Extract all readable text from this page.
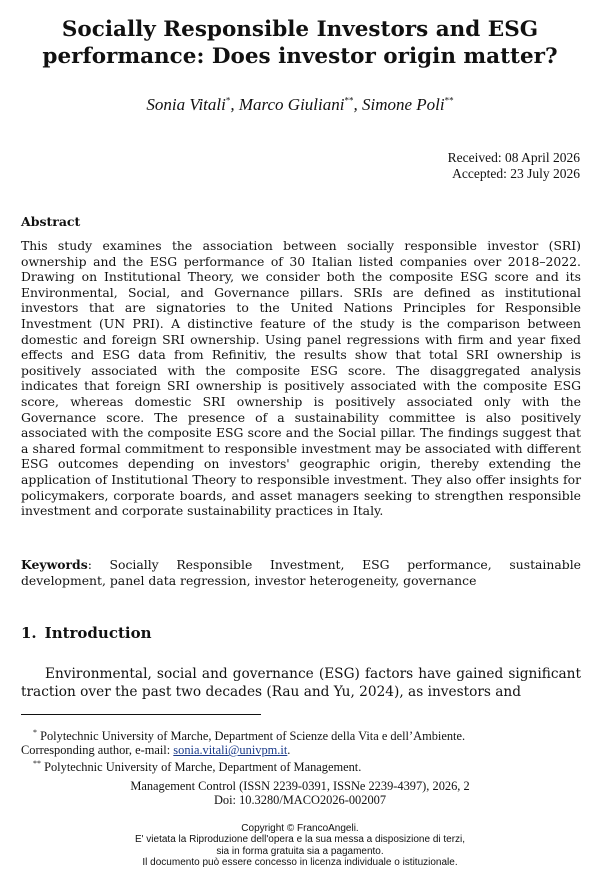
Socially Responsible Investors and ESG performance: Does investor origin matter?
Sonia Vitali*, Marco Giuliani**, Simone Poli**
Received: 08 April 2026
Accepted: 23 July 2026
Abstract

This study examines the association between socially responsible investor (SRI) ownership and the ESG performance of 30 Italian listed companies over 2018–2022. Drawing on Institutional Theory, we consider both the composite ESG score and its Environmental, Social, and Governance pillars. SRIs are defined as institutional investors that are signatories to the United Nations Principles for Responsible Investment (UN PRI). A distinctive feature of the study is the comparison between domestic and foreign SRI ownership. Using panel regressions with firm and year fixed effects and ESG data from Refinitiv, the results show that total SRI ownership is positively associated with the composite ESG score. The disaggregated analysis indicates that foreign SRI ownership is positively associated with the composite ESG score, whereas domestic SRI ownership is positively associated only with the Governance score. The presence of a sustainability committee is also positively associated with the composite ESG score and the Social pillar. The findings suggest that a shared formal commitment to responsible investment may be associated with different ESG outcomes depending on investors' geographic origin, thereby extending the application of Institutional Theory to responsible investment. They also offer insights for policymakers, corporate boards, and asset managers seeking to strengthen responsible investment and corporate sustainability practices in Italy.

Keywords: Socially Responsible Investment, ESG performance, sustainable development, panel data regression, investor heterogeneity, governance

1. Introduction

Environmental, social and governance (ESG) factors have gained significant traction over the past two decades (Rau and Yu, 2024), as investors and

* Polytechnic University of Marche, Department of Scienze della Vita e dell’Ambiente.
Corresponding author, e-mail: sonia.vitali@univpm.it.
** Polytechnic University of Marche, Department of Management.
Management Control (ISSN 2239-0391, ISSNe 2239-4397), 2026, 2
Doi: 10.3280/MACO2026-002007
Copyright © FrancoAngeli.
E' vietata la Riproduzione dell'opera e la sua messa a disposizione di terzi,
sia in forma gratuita sia a pagamento.
Il documento può essere concesso in licenza individuale o istituzionale.
